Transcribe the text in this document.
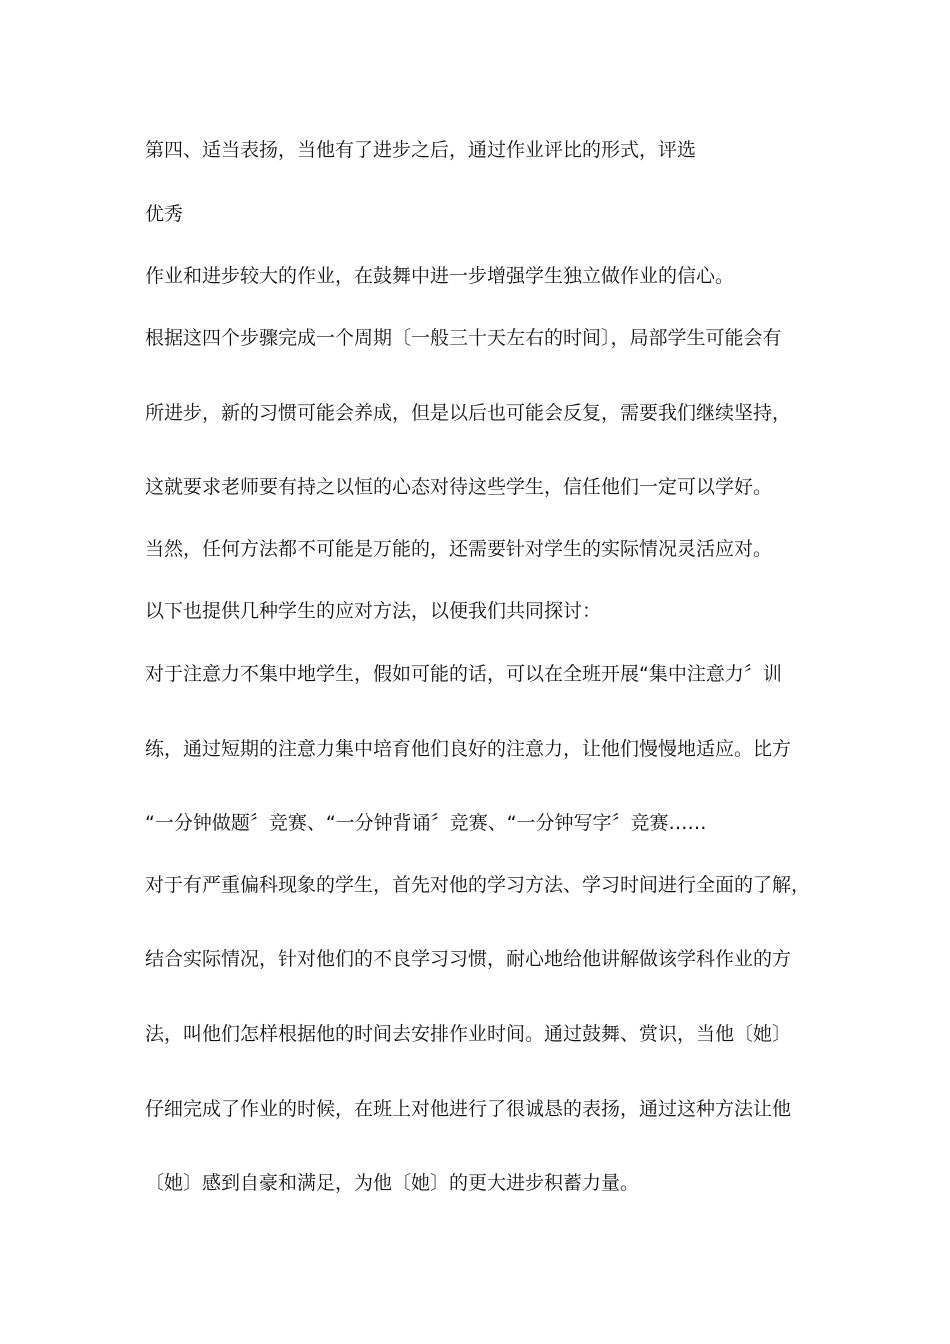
第四、适当表扬，当他有了进步之后，通过作业评比的形式，评选
优秀
作业和进步较大的作业，在鼓舞中进一步增强学生独立做作业的信心。
根据这四个步骤完成一个周期〔一般三十天左右的时间〕，局部学生可能会有
所进步，新的习惯可能会养成，但是以后也可能会反复，需要我们继续坚持，
这就要求老师要有持之以恒的心态对待这些学生，信任他们一定可以学好。
当然，任何方法都不可能是万能的，还需要针对学生的实际情况灵活应对。
以下也提供几种学生的应对方法，以便我们共同探讨：
对于注意力不集中地学生，假如可能的话，可以在全班开展“集中注意力〞训
练，通过短期的注意力集中培育他们良好的注意力，让他们慢慢地适应。比方
“一分钟做题〞竞赛、“一分钟背诵〞竞赛、“一分钟写字〞竞赛……
对于有严重偏科现象的学生，首先对他的学习方法、学习时间进行全面的了解，
结合实际情况，针对他们的不良学习习惯，耐心地给他讲解做该学科作业的方
法，叫他们怎样根据他的时间去安排作业时间。通过鼓舞、赏识，当他〔她〕
仔细完成了作业的时候，在班上对他进行了很诚恳的表扬，通过这种方法让他
〔她〕感到自豪和满足，为他〔她〕的更大进步积蓄力量。
